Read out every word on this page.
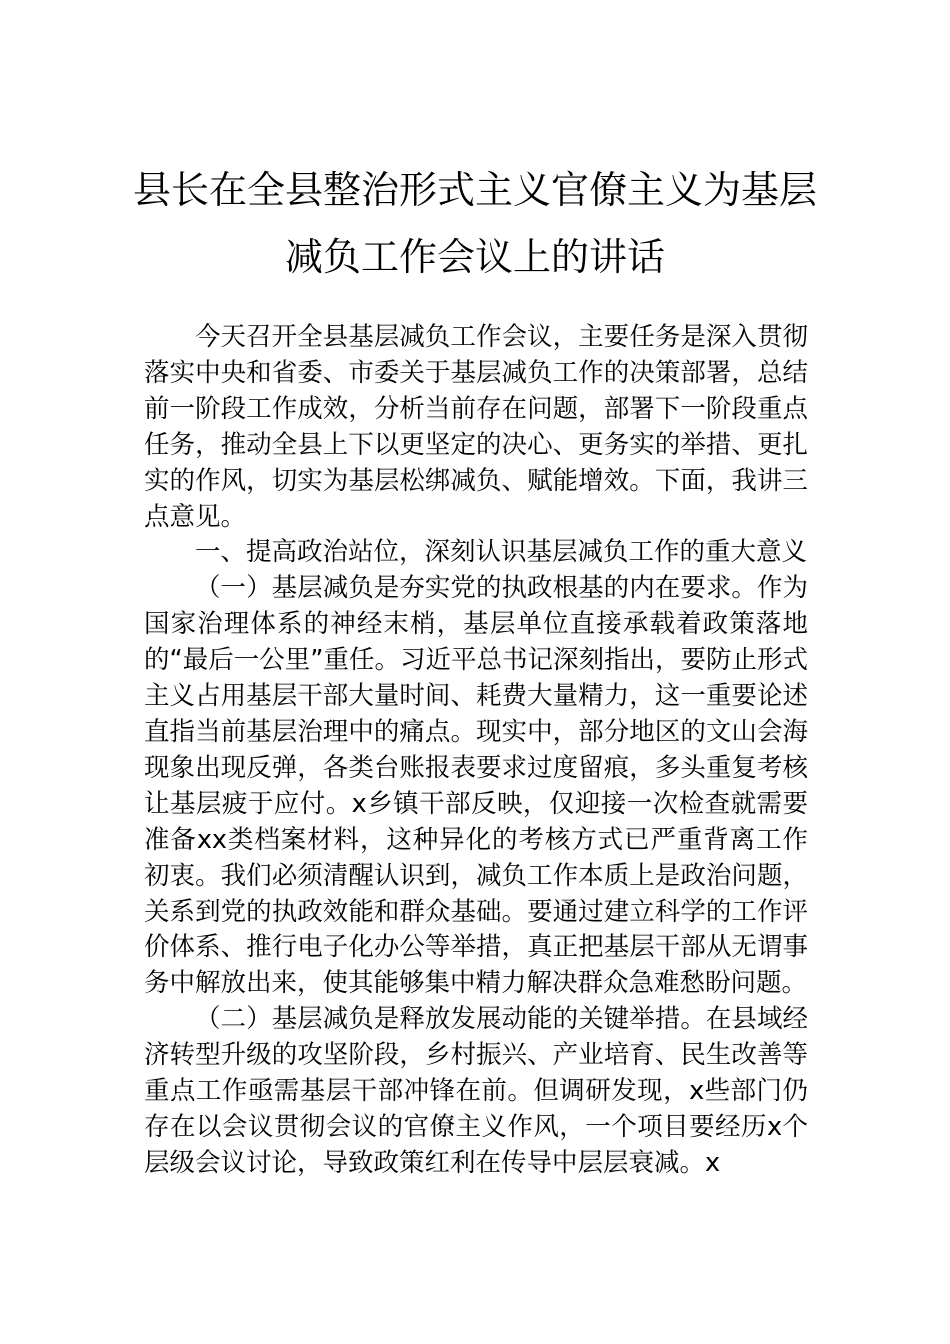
县长在全县整治形式主义官僚主义为基层
减负工作会议上的讲话

今天召开全县基层减负工作会议，主要任务是深入贯彻落实中央和省委、市委关于基层减负工作的决策部署，总结前一阶段工作成效，分析当前存在问题，部署下一阶段重点任务，推动全县上下以更坚定的决心、更务实的举措、更扎实的作风，切实为基层松绑减负、赋能增效。下面，我讲三点意见。

一、提高政治站位，深刻认识基层减负工作的重大意义

（一）基层减负是夯实党的执政根基的内在要求。作为国家治理体系的神经末梢，基层单位直接承载着政策落地的“最后一公里”重任。习近平总书记深刻指出，要防止形式主义占用基层干部大量时间、耗费大量精力，这一重要论述直指当前基层治理中的痛点。现实中，部分地区的文山会海现象出现反弹，各类台账报表要求过度留痕，多头重复考核让基层疲于应付。x乡镇干部反映，仅迎接一次检查就需要准备xx类档案材料，这种异化的考核方式已严重背离工作初衷。我们必须清醒认识到，减负工作本质上是政治问题，关系到党的执政效能和群众基础。要通过建立科学的工作评价体系、推行电子化办公等举措，真正把基层干部从无谓事务中解放出来，使其能够集中精力解决群众急难愁盼问题。

（二）基层减负是释放发展动能的关键举措。在县域经济转型升级的攻坚阶段，乡村振兴、产业培育、民生改善等重点工作亟需基层干部冲锋在前。但调研发现，x些部门仍存在以会议贯彻会议的官僚主义作风，一个项目要经历x个层级会议讨论，导致政策红利在传导中层层衰减。x
